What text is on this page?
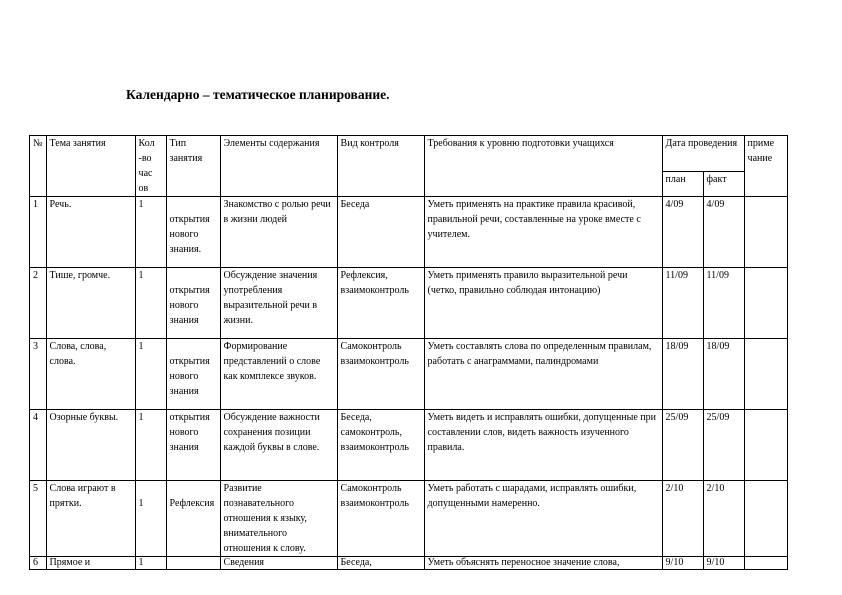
Календарно – тематическое планирование.
№	Тема занятия	Кол -во час ов	Тип занятия	Элементы содержания	Вид контроля	Требования к уровню подготовки учащихся	Дата проведения		приме чание
							план	факт	
1	Речь.	1	открытия нового знания.	Знакомство с ролью речи в жизни людей	Беседа	Уметь применять на практике правила красивой, правильной речи, составленные на уроке вместе с учителем.	4/09	4/09	
2	Тише, громче.	1	открытия нового знания	Обсуждение значения употребления выразительной речи в жизни.	Рефлексия, взаимоконтроль	Уметь применять правило выразительной речи (четко, правильно соблюдая интонацию)	11/09	11/09	
3	Слова, слова, слова.	1	открытия нового знания	Формирование представлений о слове как комплексе звуков.	Самоконтроль взаимоконтроль	Уметь составлять слова по определенным правилам, работать с анаграммами, палиндромами	18/09	18/09	
4	Озорные буквы.	1	открытия нового знания	Обсуждение важности сохранения позиции каждой буквы в слове.	Беседа, самоконтроль, взаимоконтроль	Уметь видеть и исправлять ошибки, допущенные при составлении слов, видеть важность изученного правила.	25/09	25/09	
5	Слова играют в прятки.	1	Рефлексия	Развитие познавательного отношения к языку, внимательного отношения к слову.	Самоконтроль взаимоконтроль	Уметь работать с шарадами, исправлять ошибки, допущенными намеренно.	2/10	2/10	
6	Прямое и	1		Сведения	Беседа,	Уметь объяснять переносное значение слова,	9/10	9/10	
